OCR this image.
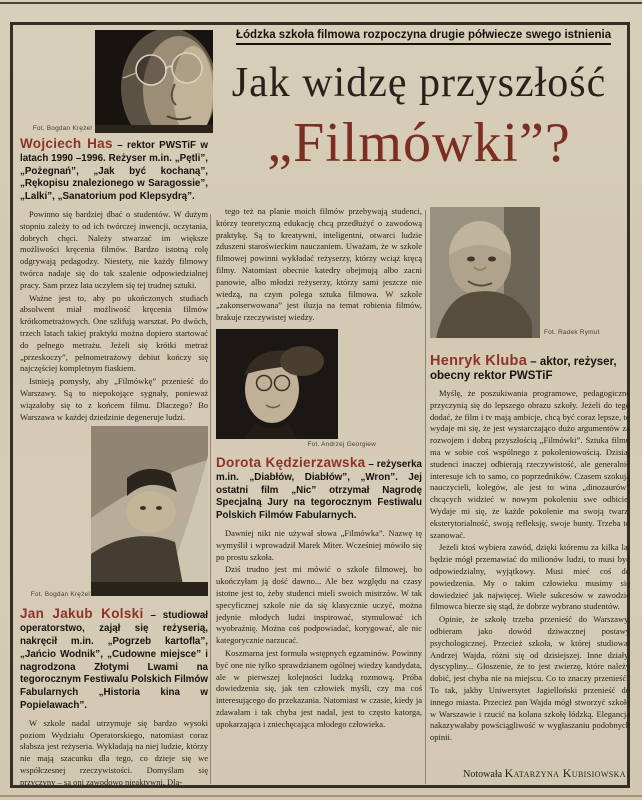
Fot. Bogdan Krężel
Łódzka szkoła filmowa rozpoczyna drugie półwiecze swego istnienia
Jak widzę przyszłość
„Filmówki”?

Wojciech Has – rektor PWSTiF w latach 1990 –1996. Reżyser m.in. „Pętli”, „Pożegnań”, „Jak być kochaną”, „Rękopisu znalezionego w Saragossie”, „Lalki”, „Sanatorium pod Klepsydrą”.

Powinno się bardziej dbać o studentów. W dużym stopniu zależy to od ich twórczej inwencji, oczytania, dobrych chęci. Należy stwarzać im większe możliwości kręcenia filmów. Bardzo istotną rolę odgrywają pedagodzy. Niestety, nie każdy filmowy twórca nadaje się do tak szalenie odpowiedzialnej pracy. Sam przez lata uczyłem się tej trudnej sztuki.

Ważne jest to, aby po ukończonych studiach absolwent miał możliwość kręcenia filmów krótkometrażowych. One szlifują warsztat. Po dwóch, trzech latach takiej praktyki można dopiero startować do pełnego metrażu. Jeżeli się krótki metraż „przeskoczy”, pełnometrażowy debiut kończy się najczęściej kompletnym fiaskiem.

Istnieją pomysły, aby „Filmówkę” przenieść do Warszawy. Są to niepokojące sygnały, ponieważ wiązałoby się to z końcem filmu. Dlaczego? Bo Warszawa w każdej dziedzinie degeneruje ludzi.

Fot. Bogdan Krężel

Jan Jakub Kolski – studiował operatorstwo, zajął się reżyserią, nakręcił m.in. „Pogrzeb kartofla”, „Jańcio Wodnik”, „Cudowne miejsce” i nagrodzona Złotymi Lwami na tegorocznym Festiwalu Polskich Filmów Fabularnych „Historia kina w Popielawach”.

W szkole nadal utrzymuje się bardzo wysoki poziom Wydziału Operatorskiego, natomiast coraz słabsza jest reżyseria. Wykładają na niej ludzie, którzy nie mają szacunku dla tego, co dzieje się we współczesnej rzeczywistości. Domyślam się przyczyny – są oni zawodowo nieaktywni. Dla-

tego też na planie moich filmów przebywają studenci, którzy teoretyczną edukację chcą przedłużyć o zawodową praktykę. Są to kreatywni, inteligentni, otwarci ludzie zduszeni staroświeckim nauczaniem. Uważam, że w szkole filmowej powinni wykładać reżyserzy, którzy wciąż kręcą filmy. Natomiast obecnie katedry obejmują albo zacni panowie, albo młodzi reżyserzy, którzy sami jeszcze nie wiedzą, na czym polega sztuka filmowa. W szkole „zakonserwowana” jest iluzja na temat robienia filmów, brakuje rzeczywistej wiedzy.

Fot. Andrzej Georgiew

Dorota Kędzierzawska – reżyserka m.in. „Diabłów, Diabłów”, „Wron”. Jej ostatni film „Nic” otrzymał Nagrodę Specjalną Jury na tegorocznym Festiwalu Polskich Filmów Fabularnych.

Dawniej nikt nie używał słowa „Filmówka”. Nazwę tę wymyślił i wprowadził Marek Miter. Wcześniej mówiło się po prostu szkoła.

Dziś trudno jest mi mówić o szkole filmowej, bo ukończyłam ją dość dawno... Ale bez względu na czasy istotne jest to, żeby studenci mieli swoich mistrzów. W tak specyficznej szkole nie da się klasycznie uczyć, można jedynie młodych ludzi inspirować, stymulować ich wyobraźnię. Można coś podpowiadać, korygować, ale nic kategorycznie narzucać.

Koszmarna jest formuła wstępnych egzaminów. Powinny być one nie tylko sprawdzianem ogólnej wiedzy kandydata, ale w pierwszej kolejności ludzką rozmową. Próba dowiedzenia się, jak ten człowiek myśli, czy ma coś interesującego do przekazania. Natomiast w czasie, kiedy ja zdawałam i tak chyba jest nadal, jest to często katorga, upokarzająca i zniechęcająca młodego człowieka.

Fot. Radek Rymut

Henryk Kluba – aktor, reżyser, obecny rektor PWSTiF

Myślę, że poszukiwania programowe, pedagogiczne przyczynią się do lepszego obrazu szkoły. Jeżeli do tego dodać, że film i tv mają ambicje, chcą być coraz lepsze, to wydaje mi się, że jest wystarczająco dużo argumentów za rozwojem i dobrą przyszłością „Filmówki”. Sztuka filmu ma w sobie coś wspólnego z pokoleniowością. Dzisiaj studenci inaczej odbierają rzeczywistość, ale generalnie interesuje ich to samo, co poprzedników. Czasem szokują nauczycieli, kolegów, ale jest to wina „dinozaurów” chcących widzieć w nowym pokoleniu swe odbicie. Wydaje mi się, że każde pokolenie ma swoją twarz, eksterytorialność, swoją refleksję, swoje bunty. Trzeba to szanować.

Jeżeli ktoś wybiera zawód, dzięki któremu za kilka lat będzie mógł przemawiać do milionów ludzi, to musi być odpowiedzialny, wyjątkowy. Musi mieć coś do powiedzenia. My o takim człowieku musimy się dowiedzieć jak najwięcej. Wiele sukcesów w zawodzie filmowca bierze się stąd, że dobrze wybrano studentów.

Opinie, że szkołę trzeba przenieść do Warszawy, odbieram jako dowód dziwacznej postawy psychologicznej. Przecież szkoła, w której studiował Andrzej Wajda, różni się od dzisiejszej. Inne działy, dyscypliny... Głoszenie, że to jest zwierzę, które należy dobić, jest chyba nie na miejscu. Co to znaczy przenieść? To tak, jakby Uniwersytet Jagielloński przenieść do innego miasta. Przecież pan Wajda mógł stworzyć szkołę w Warszawie i rzucić na kolana szkołę łódzką. Elegancja nakazywałaby powściągliwość w wygłaszaniu podobnych opinii.

Notowała Katarzyna Kubisiowska
